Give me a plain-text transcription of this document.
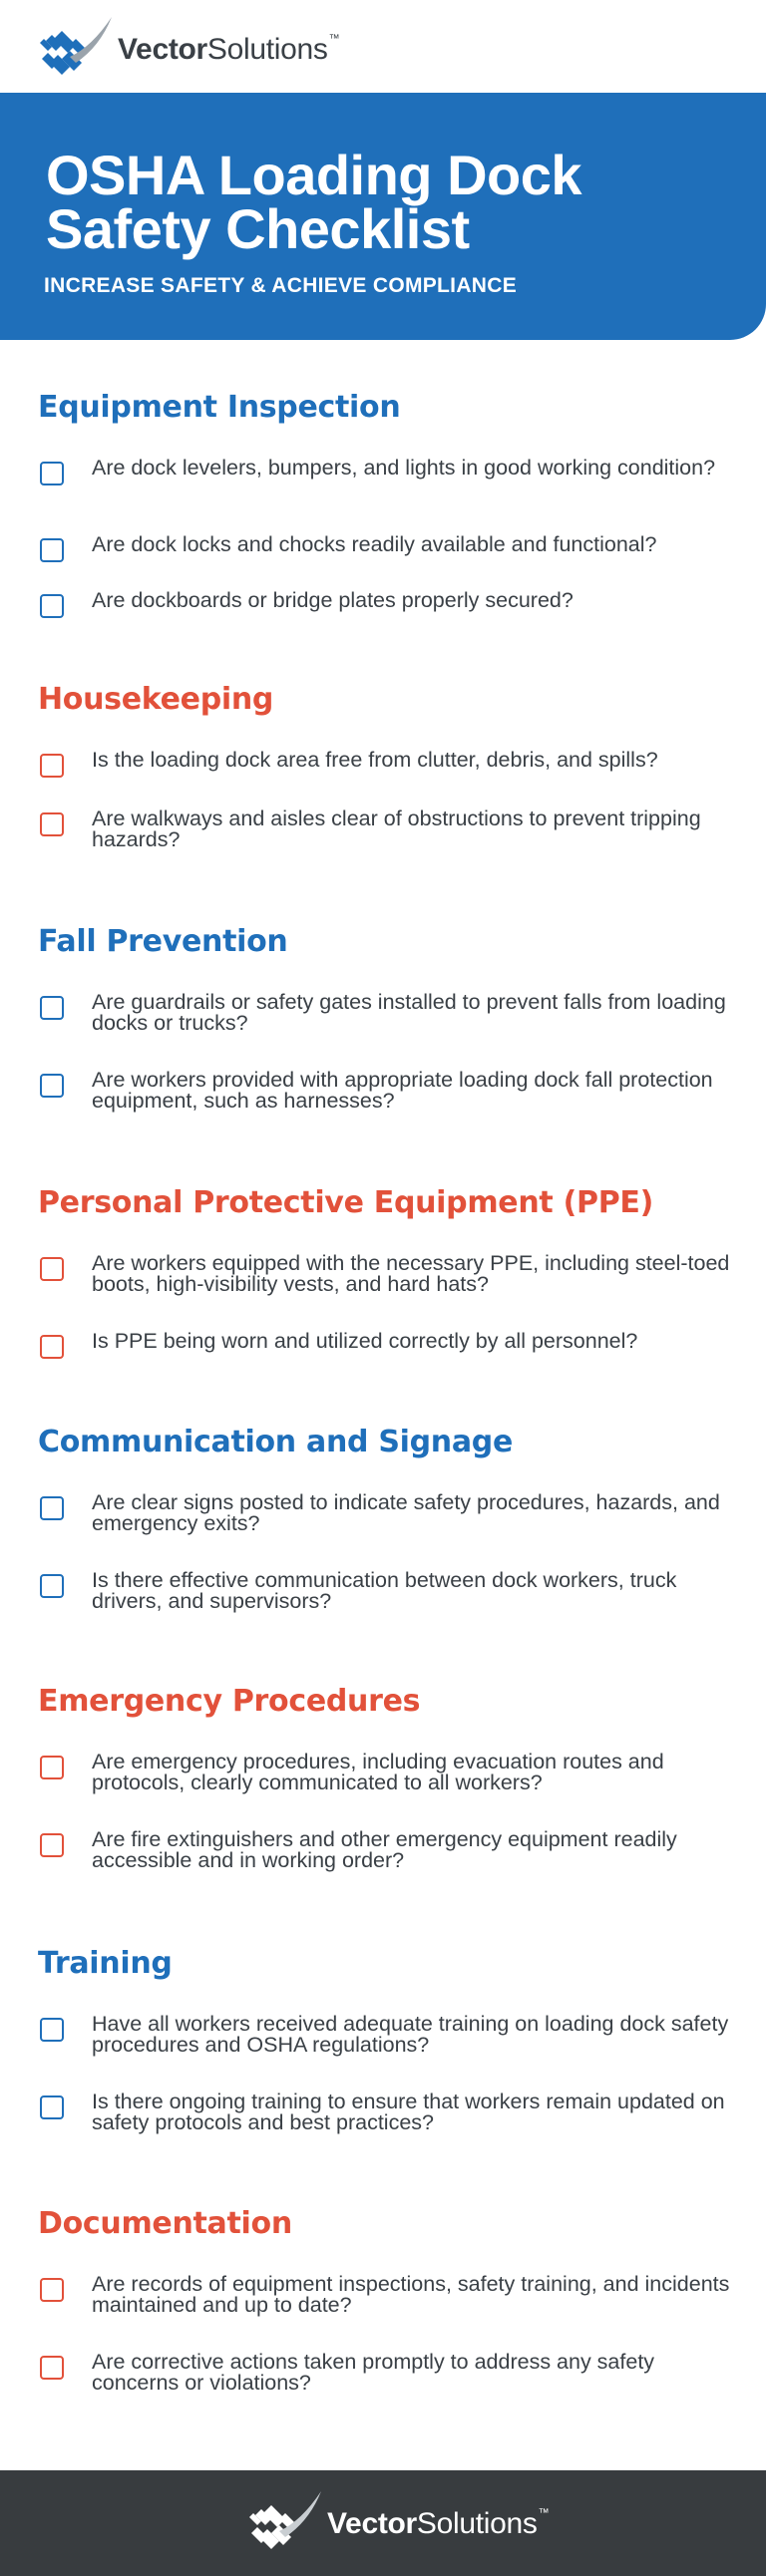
VectorSolutions™
OSHA Loading Dock
Safety Checklist
INCREASE SAFETY & ACHIEVE COMPLIANCE
Equipment Inspection
Are dock levelers, bumpers, and lights in good working condition?
Are dock locks and chocks readily available and functional?
Are dockboards or bridge plates properly secured?
Housekeeping
Is the loading dock area free from clutter, debris, and spills?
Are walkways and aisles clear of obstructions to prevent tripping hazards?
Fall Prevention
Are guardrails or safety gates installed to prevent falls from loading docks or trucks?
Are workers provided with appropriate loading dock fall protection equipment, such as harnesses?
Personal Protective Equipment (PPE)
Are workers equipped with the necessary PPE, including steel-toed boots, high-visibility vests, and hard hats?
Is PPE being worn and utilized correctly by all personnel?
Communication and Signage
Are clear signs posted to indicate safety procedures, hazards, and emergency exits?
Is there effective communication between dock workers, truck drivers, and supervisors?
Emergency Procedures
Are emergency procedures, including evacuation routes and protocols, clearly communicated to all workers?
Are fire extinguishers and other emergency equipment readily accessible and in working order?
Training
Have all workers received adequate training on loading dock safety procedures and OSHA regulations?
Is there ongoing training to ensure that workers remain updated on safety protocols and best practices?
Documentation
Are records of equipment inspections, safety training, and incidents maintained and up to date?
Are corrective actions taken promptly to address any safety concerns or violations?
VectorSolutions™
